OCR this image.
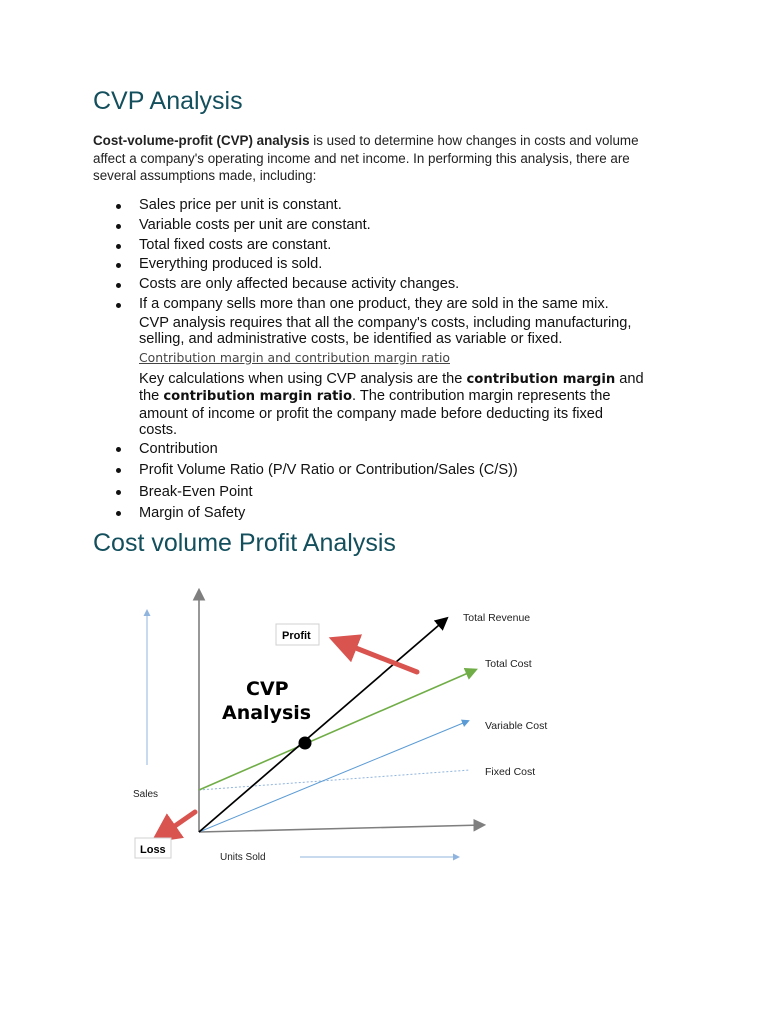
CVP Analysis

Cost-volume-profit (CVP) analysis is used to determine how changes in costs and volume
affect a company's operating income and net income. In performing this analysis, there are
several assumptions made, including:

Sales price per unit is constant.
Variable costs per unit are constant.
Total fixed costs are constant.
Everything produced is sold.
Costs are only affected because activity changes.
If a company sells more than one product, they are sold in the same mix.
CVP analysis requires that all the company's costs, including manufacturing,
selling, and administrative costs, be identified as variable or fixed.
Contribution margin and contribution margin ratio
Key calculations when using CVP analysis are the contribution margin and
the contribution margin ratio. The contribution margin represents the
amount of income or profit the company made before deducting its fixed
costs.
Contribution
Profit Volume Ratio (P/V Ratio or Contribution/Sales (C/S))
Break-Even Point
Margin of Safety
Cost volume Profit Analysis
Profit
Loss
CVP
Analysis
Total Revenue
Total Cost
Variable Cost
Fixed Cost
Sales
Units Sold
